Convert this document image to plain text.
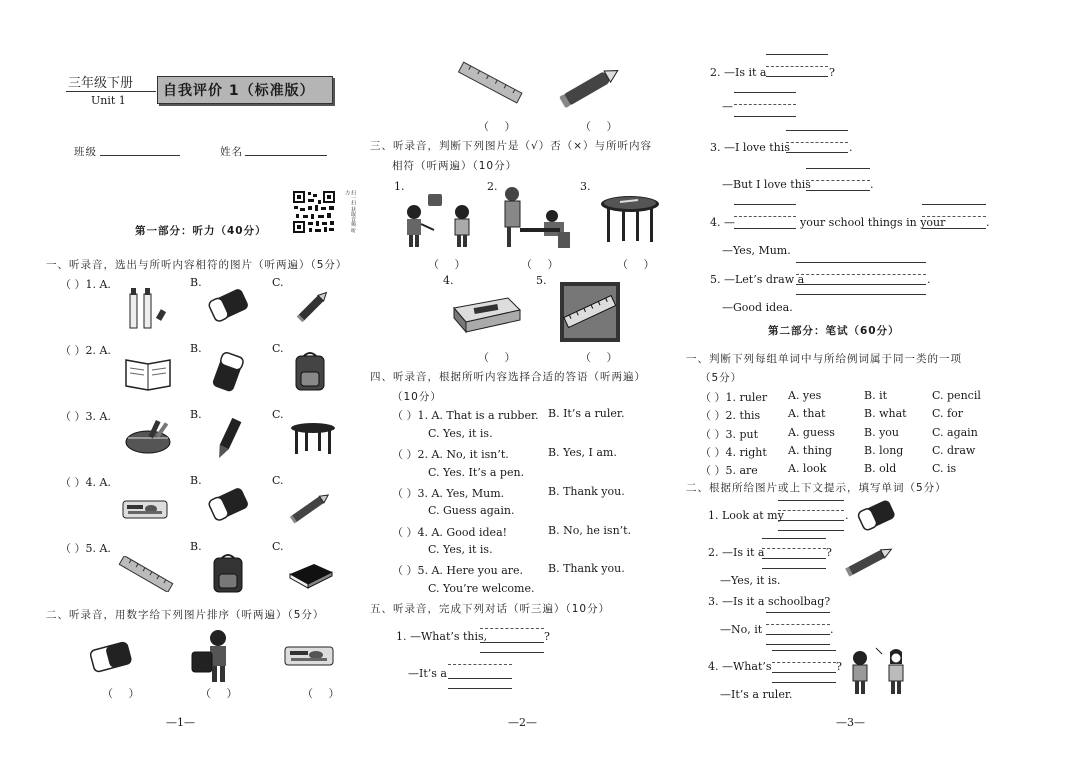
三年级下册
Unit 1
自我评价 1（标准版）
班级	姓名
扫一扫 获取音频 听力
第一部分：听力（40分）
一、听录音，选出与所听内容相符的图片（听两遍）（5分）
（ ）1. A.	B.	C.
（ ）2. A.	B.	C.
（ ）3. A.	B.	C.
（ ）4. A.	B.	C.
（ ）5. A.	B.	C.
二、听录音，用数字给下列图片排序（听两遍）（5分）
（ ）	（ ）	（ ）
—1—
（ ）	（ ）
三、听录音，判断下列图片是（√）否（×）与所听内容
相符（听两遍）（10分）
1.	2.	3.
（ ）	（ ）	（ ）
4.	5.
（ ）	（ ）
四、听录音，根据所听内容选择合适的答语（听两遍）
（10分）
（ ）1. A. That is a rubber. B. It’s a ruler.
C. Yes, it is.
（ ）2. A. No, it isn’t.	B. Yes, I am.
C. Yes. It’s a pen.
（ ）3. A. Yes, Mum.	B. Thank you.
C. Guess again.
（ ）4. A. Good idea!	B. No, he isn’t.
C. Yes, it is.
（ ）5. A. Here you are. B. Thank you.
C. You’re welcome.
五、听录音，完成下列对话（听三遍）（10分）
1. —What’s this,	?
—It’s a
—2—
2. —Is it a	?
—
3. —I love this	.
—But I love this	.
4. —	your school things in your	.
—Yes, Mum.
5. —Let’s draw a	.
—Good idea.
第二部分：笔试（60分）
一、判断下列每组单词中与所给例词属于同一类的一项
（5分）
（ ）1. ruler A. yes	B. it	C. pencil
（ ）2. this	A. that	B. what C. for
（ ）3. put	A. guess	B. you	C. again
（ ）4. right A. thing	B. long	C. draw
（ ）5. are	A. look	B. old	C. is
二、根据所给图片或上下文提示，填写单词（5分）
1. Look at my	.
2. —Is it a	?
—Yes, it is.
3. —Is it a schoolbag?
—No, it	.
4. —What’s	?
—It’s a ruler.
—3—
